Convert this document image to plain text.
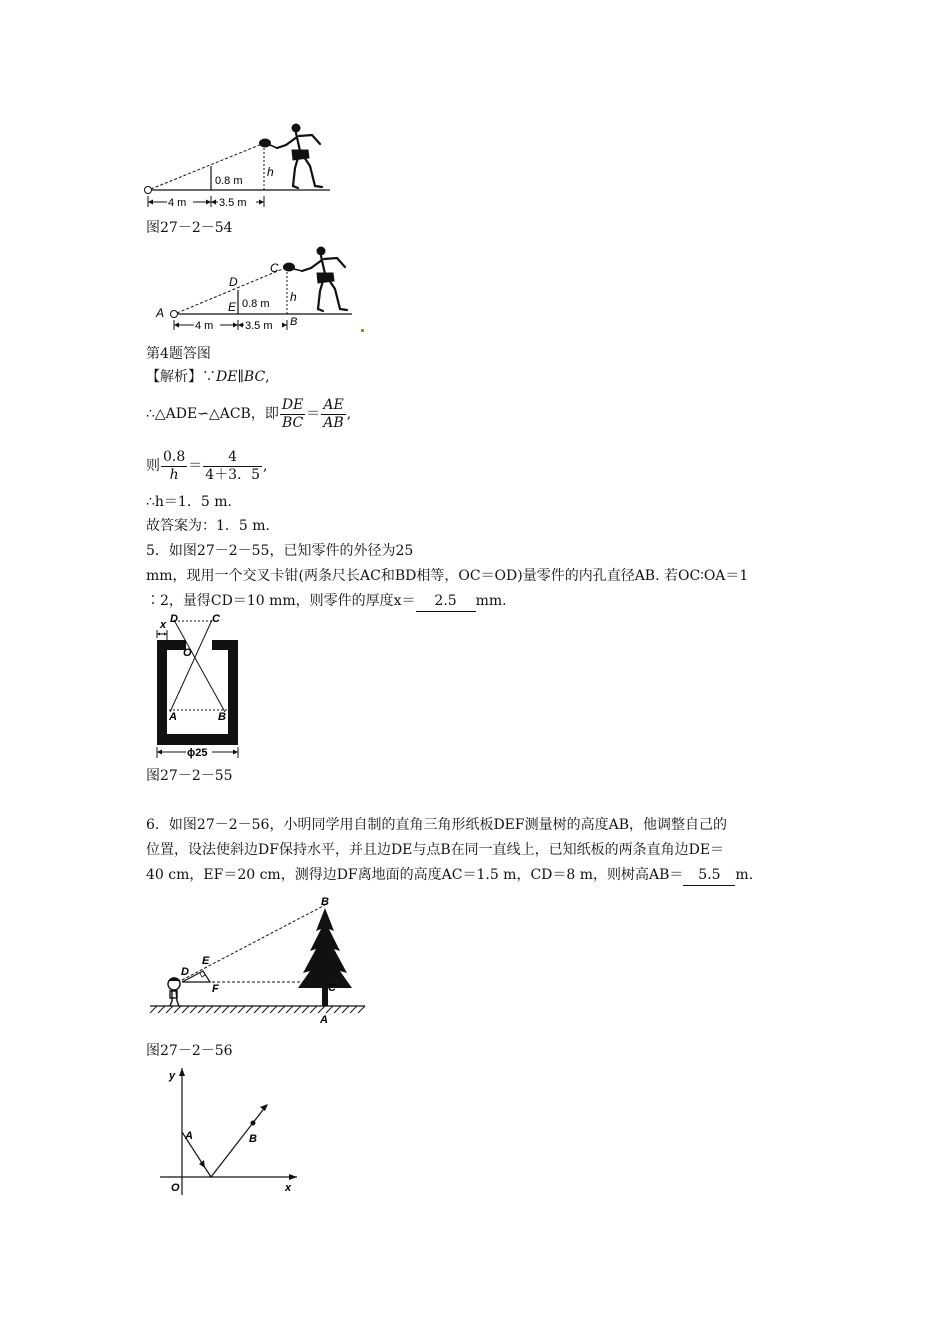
4 m	3.5 m
0.8 m
h
图27－2－54
4 m	3.5 m
0.8 m h
A
D
E
C
B
第4题答图
【解析】∵DE∥BC,
∴△ADE∽△ACB，即 $\frac{DE}{BC} = \frac{AE}{AB}$ ,
则 $\frac{0.8}{h} = \frac{4}{4+3.5}$ ,
∴h＝1．5 m.
故答案为：1．5 m.
5．如图27－2－55，已知零件的外径为25
mm，现用一个交叉卡钳(两条尺长AC和BD相等，OC＝OD)量零件的内孔直径AB. 若OC∶OA＝1
∶2，量得CD＝10 mm，则零件的厚度x＝ 2.5 mm.
x D	C
O
A	B
ϕ25
图27－2－55
6．如图27－2－56，小明同学用自制的直角三角形纸板DEF测量树的高度AB，他调整自己的
位置，设法使斜边DF保持水平，并且边DE与点B在同一直线上，已知纸板的两条直角边DE＝
40 cm，EF＝20 cm，测得边DF离地面的高度AC＝1.5 m，CD＝8 m，则树高AB＝ 5.5 m.
B
E
D
F	C
A
图27－2－56
y
x
O
A	B
